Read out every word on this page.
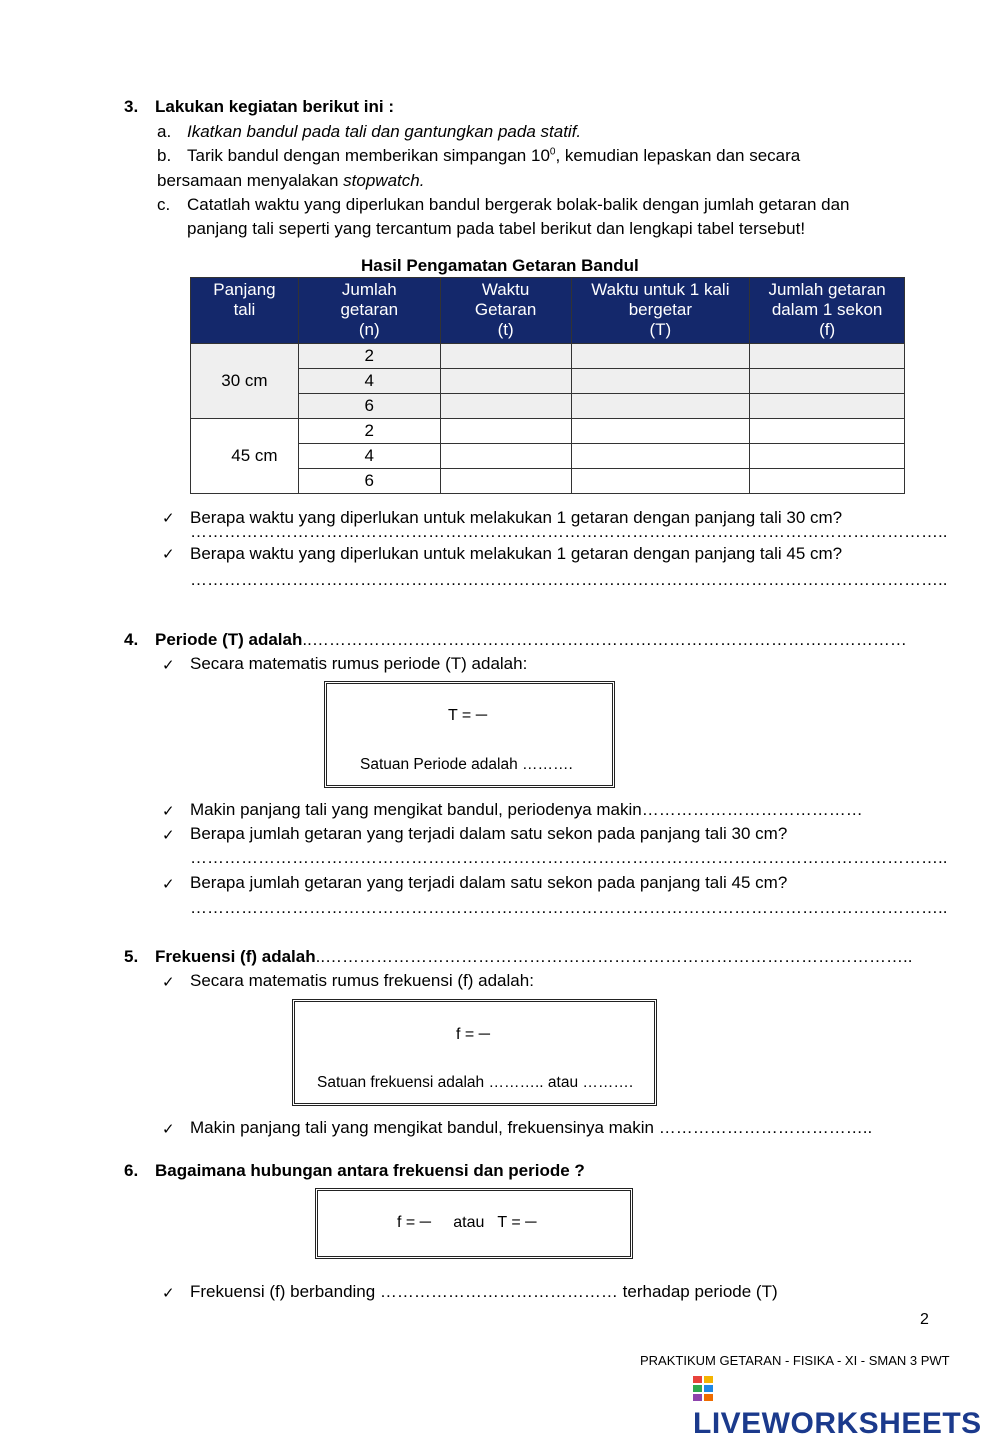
3. Lakukan kegiatan berikut ini :
a. Ikatkan bandul pada tali dan gantungkan pada statif.
b. Tarik bandul dengan memberikan simpangan $10^0$, kemudian lepaskan dan secara
bersamaan menyalakan stopwatch.
c. Catatlah waktu yang diperlukan bandul bergerak bolak-balik dengan jumlah getaran dan
panjang tali seperti yang tercantum pada tabel berikut dan lengkapi tabel tersebut!
Hasil Pengamatan Getaran Bandul
Panjang
tali	Jumlah
getaran
(n)	Waktu
Getaran
(t)	Waktu untuk 1 kali
bergetar
(T)	Jumlah getaran
dalam 1 sekon
(f)
30 cm	2			
	4			
	6			
45 cm	2			
	4			
	6			
✓ Berapa waktu yang diperlukan untuk melakukan 1 getaran dengan panjang tali 30 cm?
……………………………………………………………………………………………………………………..
✓ Berapa waktu yang diperlukan untuk melakukan 1 getaran dengan panjang tali 45 cm?
……………………………………………………………………………………………………………………..
4. Periode (T) adalah..……………………………………………………………………………………………
✓ Secara matematis rumus periode (T) adalah:
T = ─
Satuan Periode adalah ……….
✓ Makin panjang tali yang mengikat bandul, periodenya makin…………………………………
✓ Berapa jumlah getaran yang terjadi dalam satu sekon pada panjang tali 30 cm?
……………………………………………………………………………………………………………………..
✓ Berapa jumlah getaran yang terjadi dalam satu sekon pada panjang tali 45 cm?
……………………………………………………………………………………………………………………..
5. Frekuensi (f) adalah..…………………………………………………………………………………………..
✓ Secara matematis rumus frekuensi (f) adalah:
f = ─
Satuan frekuensi adalah ……….. atau ……….
✓ Makin panjang tali yang mengikat bandul, frekuensinya makin ………………………………..
6. Bagaimana hubungan antara frekuensi dan periode ?
f = ─     atau   T = ─
✓ Frekuensi (f) berbanding …………………………………… terhadap periode (T)
2
PRAKTIKUM GETARAN - FISIKA - XI - SMAN 3 PWT
LIVEWORKSHEETS
